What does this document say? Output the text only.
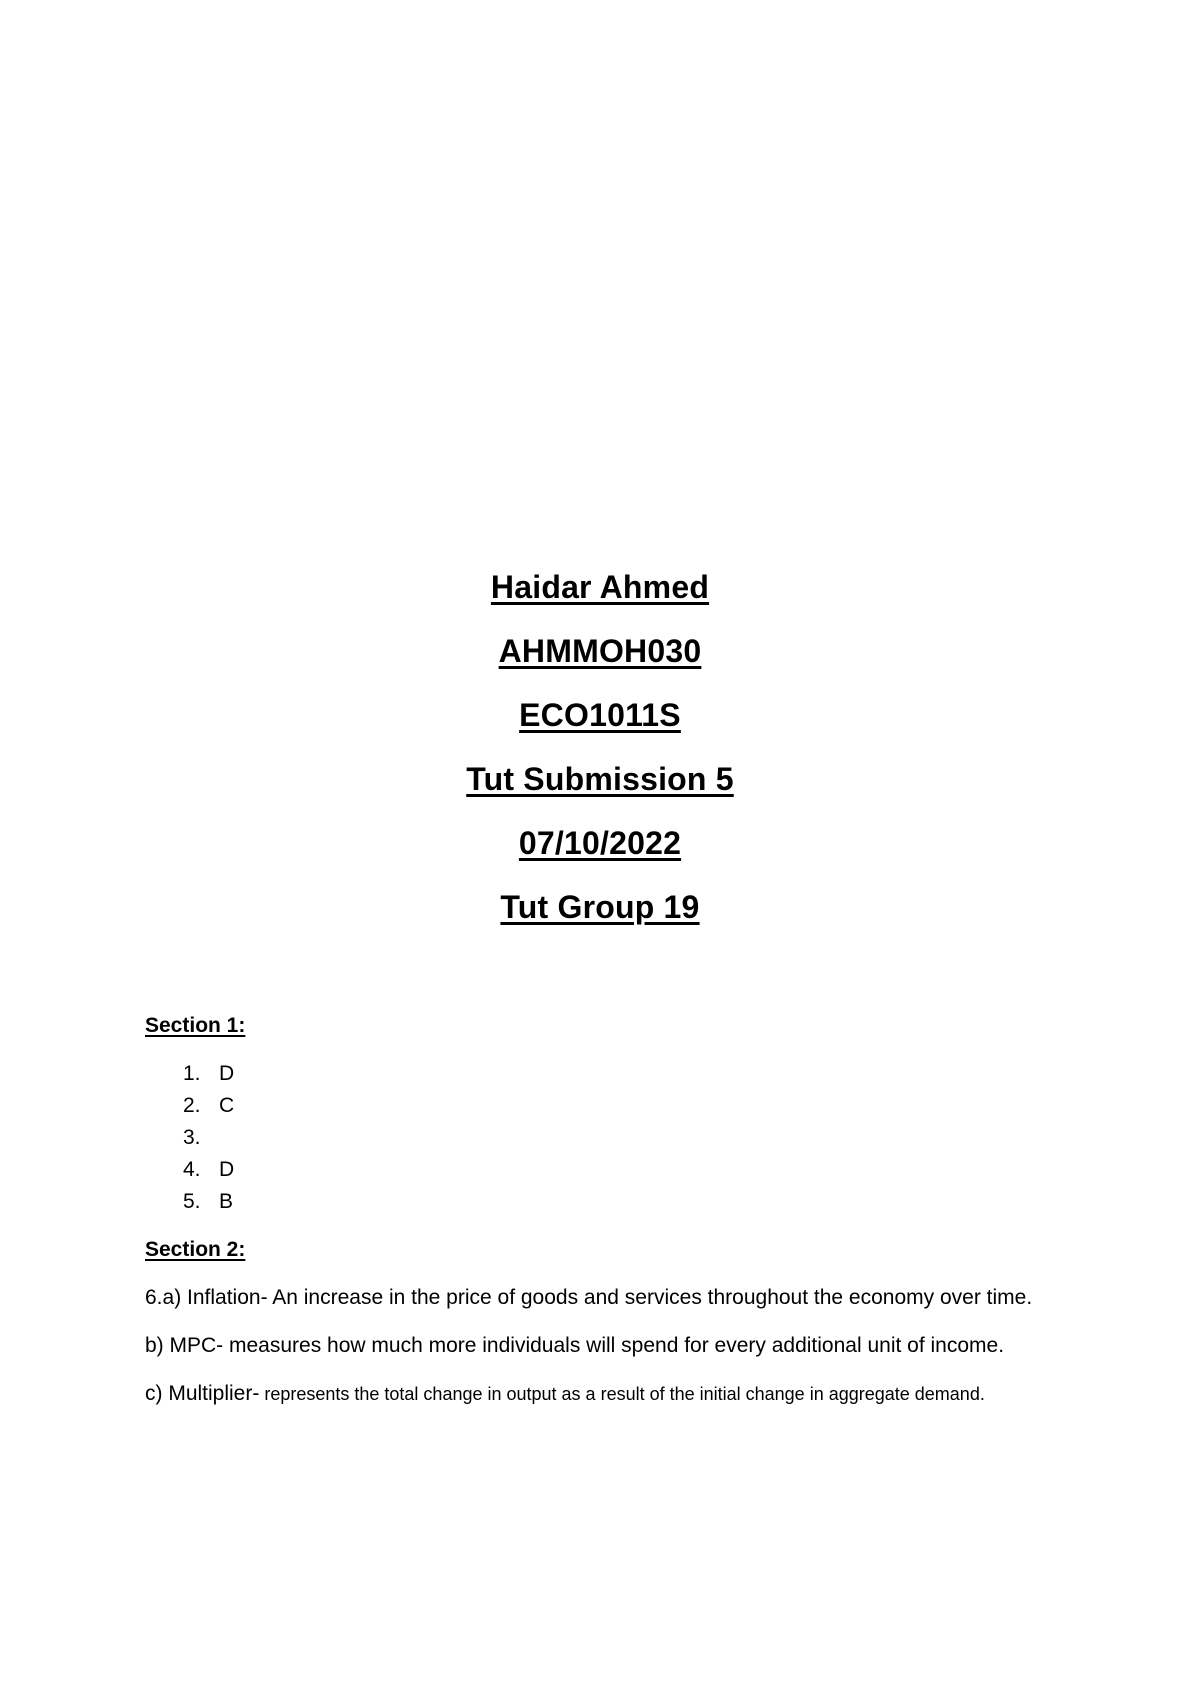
Haidar Ahmed

AHMMOH030

ECO1011S

Tut Submission 5

07/10/2022

Tut Group 19

Section 1:

1. D
2. C
3.
4. D
5. B

Section 2:

6.a) Inflation- An increase in the price of goods and services throughout the economy over time.

b) MPC- measures how much more individuals will spend for every additional unit of income.

c) Multiplier- represents the total change in output as a result of the initial change in aggregate demand.
